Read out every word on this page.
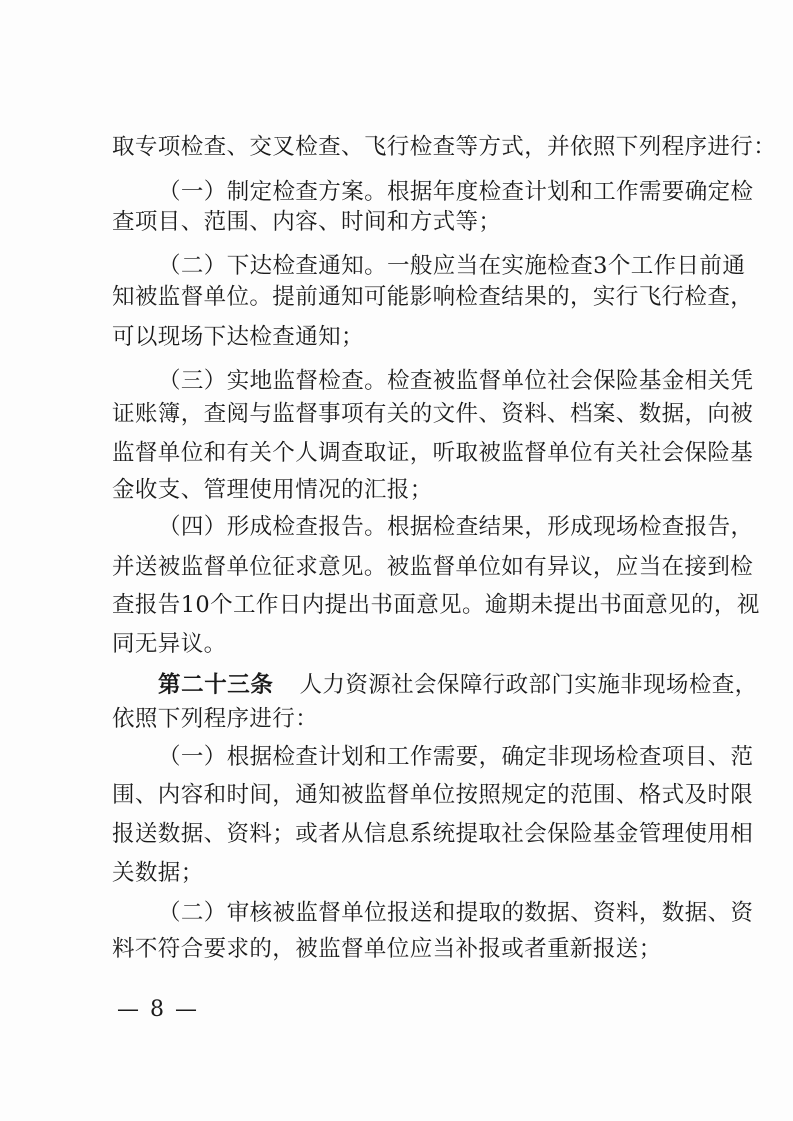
取专项检查、交叉检查、飞行检查等方式，并依照下列程序进行：
（一）制定检查方案。根据年度检查计划和工作需要确定检
查项目、范围、内容、时间和方式等；
（二）下达检查通知。一般应当在实施检查3个工作日前通
知被监督单位。提前通知可能影响检查结果的，实行飞行检查，
可以现场下达检查通知；
（三）实地监督检查。检查被监督单位社会保险基金相关凭
证账簿，查阅与监督事项有关的文件、资料、档案、数据，向被
监督单位和有关个人调查取证，听取被监督单位有关社会保险基
金收支、管理使用情况的汇报；
（四）形成检查报告。根据检查结果，形成现场检查报告，
并送被监督单位征求意见。被监督单位如有异议，应当在接到检
查报告10个工作日内提出书面意见。逾期未提出书面意见的，视
同无异议。
第二十三条 人力资源社会保障行政部门实施非现场检查，
依照下列程序进行：
（一）根据检查计划和工作需要，确定非现场检查项目、范
围、内容和时间，通知被监督单位按照规定的范围、格式及时限
报送数据、资料；或者从信息系统提取社会保险基金管理使用相
关数据；
（二）审核被监督单位报送和提取的数据、资料，数据、资
料不符合要求的，被监督单位应当补报或者重新报送；
— 8 —
